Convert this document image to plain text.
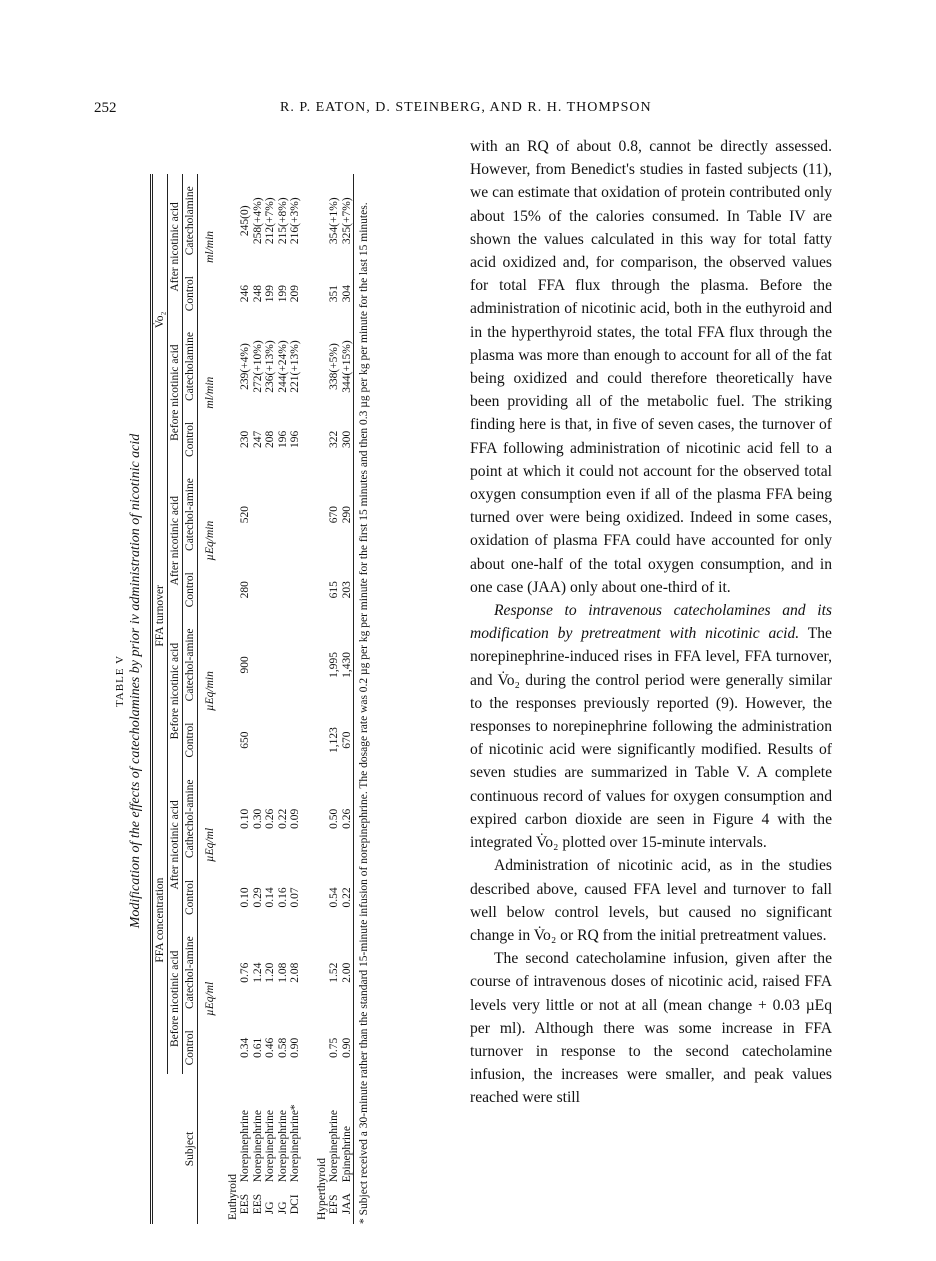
252	R. P. EATON, D. STEINBERG, AND R. H. THOMPSON
TABLE V Modification of the effects of catecholamines by prior iv administration of nicotinic acid
Subject	FFA concentration				FFA turnover				V̇o₂			
	Before nicotinic acid		After nicotinic acid		Before nicotinic acid		After nicotinic acid		Before nicotinic acid		After nicotinic acid	
	Control	Catechol-amine	Control	Cathechol-amine	Control	Catechol-amine	Control	Catechol-amine	Control	Catecholamine	Control	Catecholamine
	µEq/ml		µEq/ml		µEq/min		µEq/min		ml/min		ml/min	
Euthyroid												
EESNorepinephrine	0.34	0.76	0.10	0.10	650	900	280	520	230	239(+4%)	246	245(0)
EESNorepinephrine	0.61	1.24	0.29	0.30					247	272(+10%)	248	258(+4%)
JGNorepinephrine	0.46	1.20	0.14	0.26					208	236(+13%)	199	212(+7%)
JGNorepinephrine	0.58	1.08	0.16	0.22					196	244(+24%)	199	215(+8%)
DCINorepinephrine*	0.90	2.08	0.07	0.09					196	221(+13%)	209	216(+3%)

Hyperthyroid												
EFSNorepinephrine	0.75	1.52	0.54	0.50	1,123	1,995	615	670	322	338(+5%)	351	354(+1%)
JAAEpinephrine	0.90	2.00	0.22	0.26	670	1,430	203	290	300	344(+15%)	304	325(+7%) * Subject received a 30-minute rather than the standard 15-minute infusion of norepinephrine. The dosage rate was 0.2 µg per kg per minute for the first 15 minutes and then 0.3 µg per kg per minute for the last 15 minutes.

with an RQ of about 0.8, cannot be directly assessed. However, from Benedict's studies in fasted subjects (11), we can estimate that oxidation of protein contributed only about 15% of the calories consumed. In Table IV are shown the values calculated in this way for total fatty acid oxidized and, for comparison, the observed values for total FFA flux through the plasma. Before the administration of nicotinic acid, both in the euthyroid and in the hyperthyroid states, the total FFA flux through the plasma was more than enough to account for all of the fat being oxidized and could therefore theoretically have been providing all of the metabolic fuel. The striking finding here is that, in five of seven cases, the turnover of FFA following administration of nicotinic acid fell to a point at which it could not account for the observed total oxygen consumption even if all of the plasma FFA being turned over were being oxidized. Indeed in some cases, oxidation of plasma FFA could have accounted for only about one-half of the total oxygen consumption, and in one case (JAA) only about one-third of it.

Response to intravenous catecholamines and its modification by pretreatment with nicotinic acid. The norepinephrine-induced rises in FFA level, FFA turnover, and V̇o₂ during the control period were generally similar to the responses previously reported (9). However, the responses to norepinephrine following the administration of nicotinic acid were significantly modified. Results of seven studies are summarized in Table V. A complete continuous record of values for oxygen consumption and expired carbon dioxide are seen in Figure 4 with the integrated V̇o₂ plotted over 15-minute intervals.

Administration of nicotinic acid, as in the studies described above, caused FFA level and turnover to fall well below control levels, but caused no significant change in V̇o₂ or RQ from the initial pretreatment values.

The second catecholamine infusion, given after the course of intravenous doses of nicotinic acid, raised FFA levels very little or not at all (mean change + 0.03 µEq per ml). Although there was some increase in FFA turnover in response to the second catecholamine infusion, the increases were smaller, and peak values reached were still
